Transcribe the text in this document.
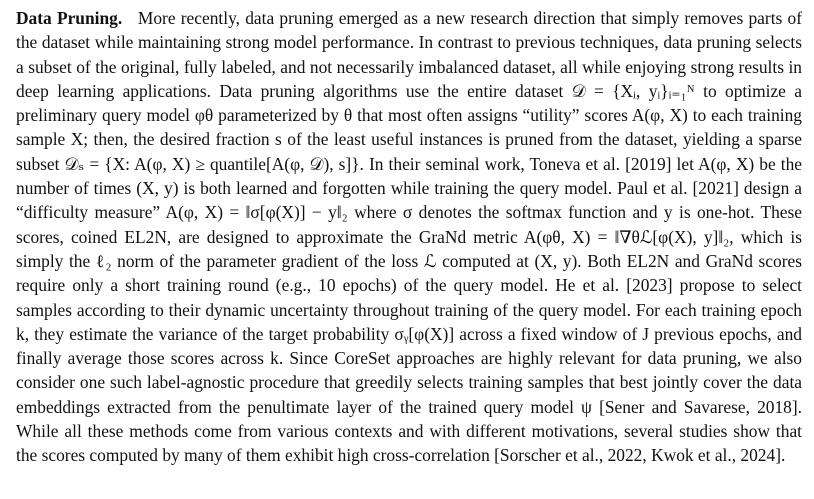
Data Pruning. More recently, data pruning emerged as a new research direction that simply removes parts of the dataset while maintaining strong model performance. In contrast to previous techniques, data pruning selects a subset of the original, fully labeled, and not necessarily imbalanced dataset, all while enjoying strong results in deep learning applications. Data pruning algorithms use the entire dataset 𝒟 = {Xᵢ, yᵢ}ᵢ₌₁ᴺ to optimize a preliminary query model φθ parameterized by θ that most often assigns “utility” scores A(φ, X) to each training sample X; then, the desired fraction s of the least useful instances is pruned from the dataset, yielding a sparse subset 𝒟ₛ = {X: A(φ, X) ≥ quantile[A(φ, 𝒟), s]}. In their seminal work, Toneva et al. [2019] let A(φ, X) be the number of times (X, y) is both learned and forgotten while training the query model. Paul et al. [2021] design a “difficulty measure” A(φ, X) = ‖σ[φ(X)] − y‖₂ where σ denotes the softmax function and y is one-hot. These scores, coined EL2N, are designed to approximate the GraNd metric A(φθ, X) = ‖∇θℒ[φ(X), y]‖₂, which is simply the ℓ₂ norm of the parameter gradient of the loss ℒ computed at (X, y). Both EL2N and GraNd scores require only a short training round (e.g., 10 epochs) of the query model. He et al. [2023] propose to select samples according to their dynamic uncertainty throughout training of the query model. For each training epoch k, they estimate the variance of the target probability σᵧ[φ(X)] across a fixed window of J previous epochs, and finally average those scores across k. Since CoreSet approaches are highly relevant for data pruning, we also consider one such label-agnostic procedure that greedily selects training samples that best jointly cover the data embeddings extracted from the penultimate layer of the trained query model ψ [Sener and Savarese, 2018]. While all these methods come from various contexts and with different motivations, several studies show that the scores computed by many of them exhibit high cross-correlation [Sorscher et al., 2022, Kwok et al., 2024].
